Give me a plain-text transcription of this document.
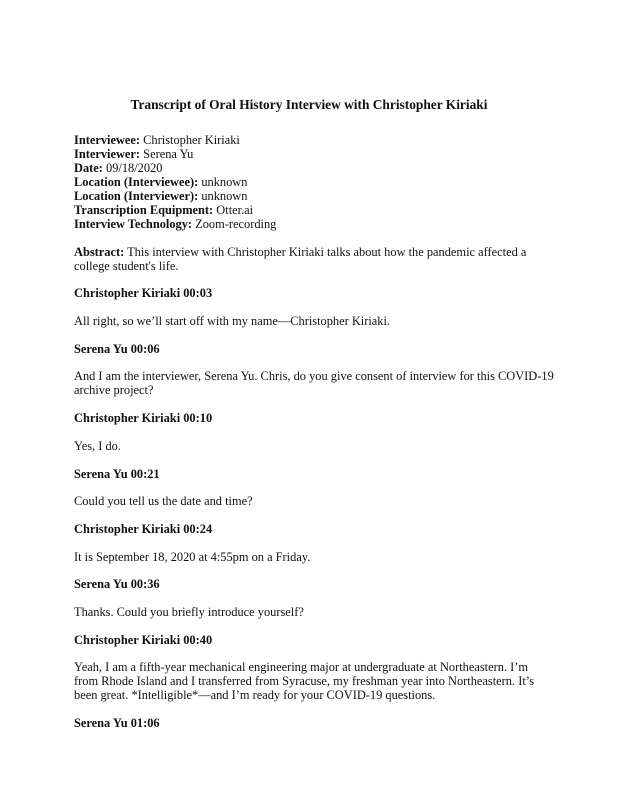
Transcript of Oral History Interview with Christopher Kiriaki
Interviewee: Christopher Kiriaki
Interviewer: Serena Yu
Date: 09/18/2020
Location (Interviewee): unknown
Location (Interviewer): unknown
Transcription Equipment: Otter.ai
Interview Technology: Zoom-recording
Abstract: This interview with Christopher Kiriaki talks about how the pandemic affected a college student's life.
Christopher Kiriaki 00:03
All right, so we’ll start off with my name—Christopher Kiriaki.
Serena Yu 00:06
And I am the interviewer, Serena Yu. Chris, do you give consent of interview for this COVID-19 archive project?
Christopher Kiriaki 00:10
Yes, I do.
Serena Yu 00:21
Could you tell us the date and time?
Christopher Kiriaki 00:24
It is September 18, 2020 at 4:55pm on a Friday.
Serena Yu 00:36
Thanks. Could you briefly introduce yourself?
Christopher Kiriaki 00:40
Yeah, I am a fifth-year mechanical engineering major at undergraduate at Northeastern. I’m from Rhode Island and I transferred from Syracuse, my freshman year into Northeastern. It’s been great. *Intelligible*—and I’m ready for your COVID-19 questions.
Serena Yu 01:06
